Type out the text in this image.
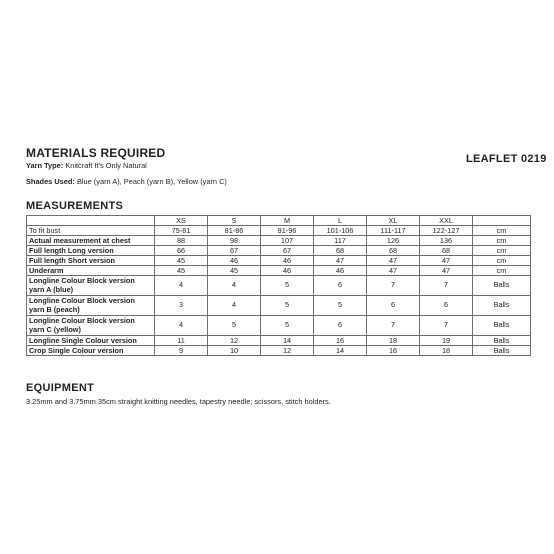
MATERIALS REQUIRED	LEAFLET 0219
Yarn Type: Knitcraft It's Only Natural
Shades Used: Blue (yarn A), Peach (yarn B), Yellow (yarn C)
MEASUREMENTS
	XS	S	M	L	XL	XXL	
To fit bust	75-81	81-86	91-96	101-106	111-117	122-127	cm
Actual measurement at chest	88	98	107	117	126	136	cm
Full length Long version	66	67	67	68	68	68	cm
Full length Short version	45	46	46	47	47	47	cm
Underarm	45	45	46	46	47	47	cm
Longline Colour Block version yarn A (blue)	4	4	5	6	7	7	Balls
Longline Colour Block version yarn B (peach)	3	4	5	5	6	6	Balls
Longline Colour Block version yarn C (yellow)	4	5	5	6	7	7	Balls
Longline Single Colour version	11	12	14	16	18	19	Balls
Crop Single Colour version	9	10	12	14	16	18	Balls
EQUIPMENT
3.25mm and 3.75mm 35cm straight knitting needles, tapestry needle; scissors, stitch holders.
